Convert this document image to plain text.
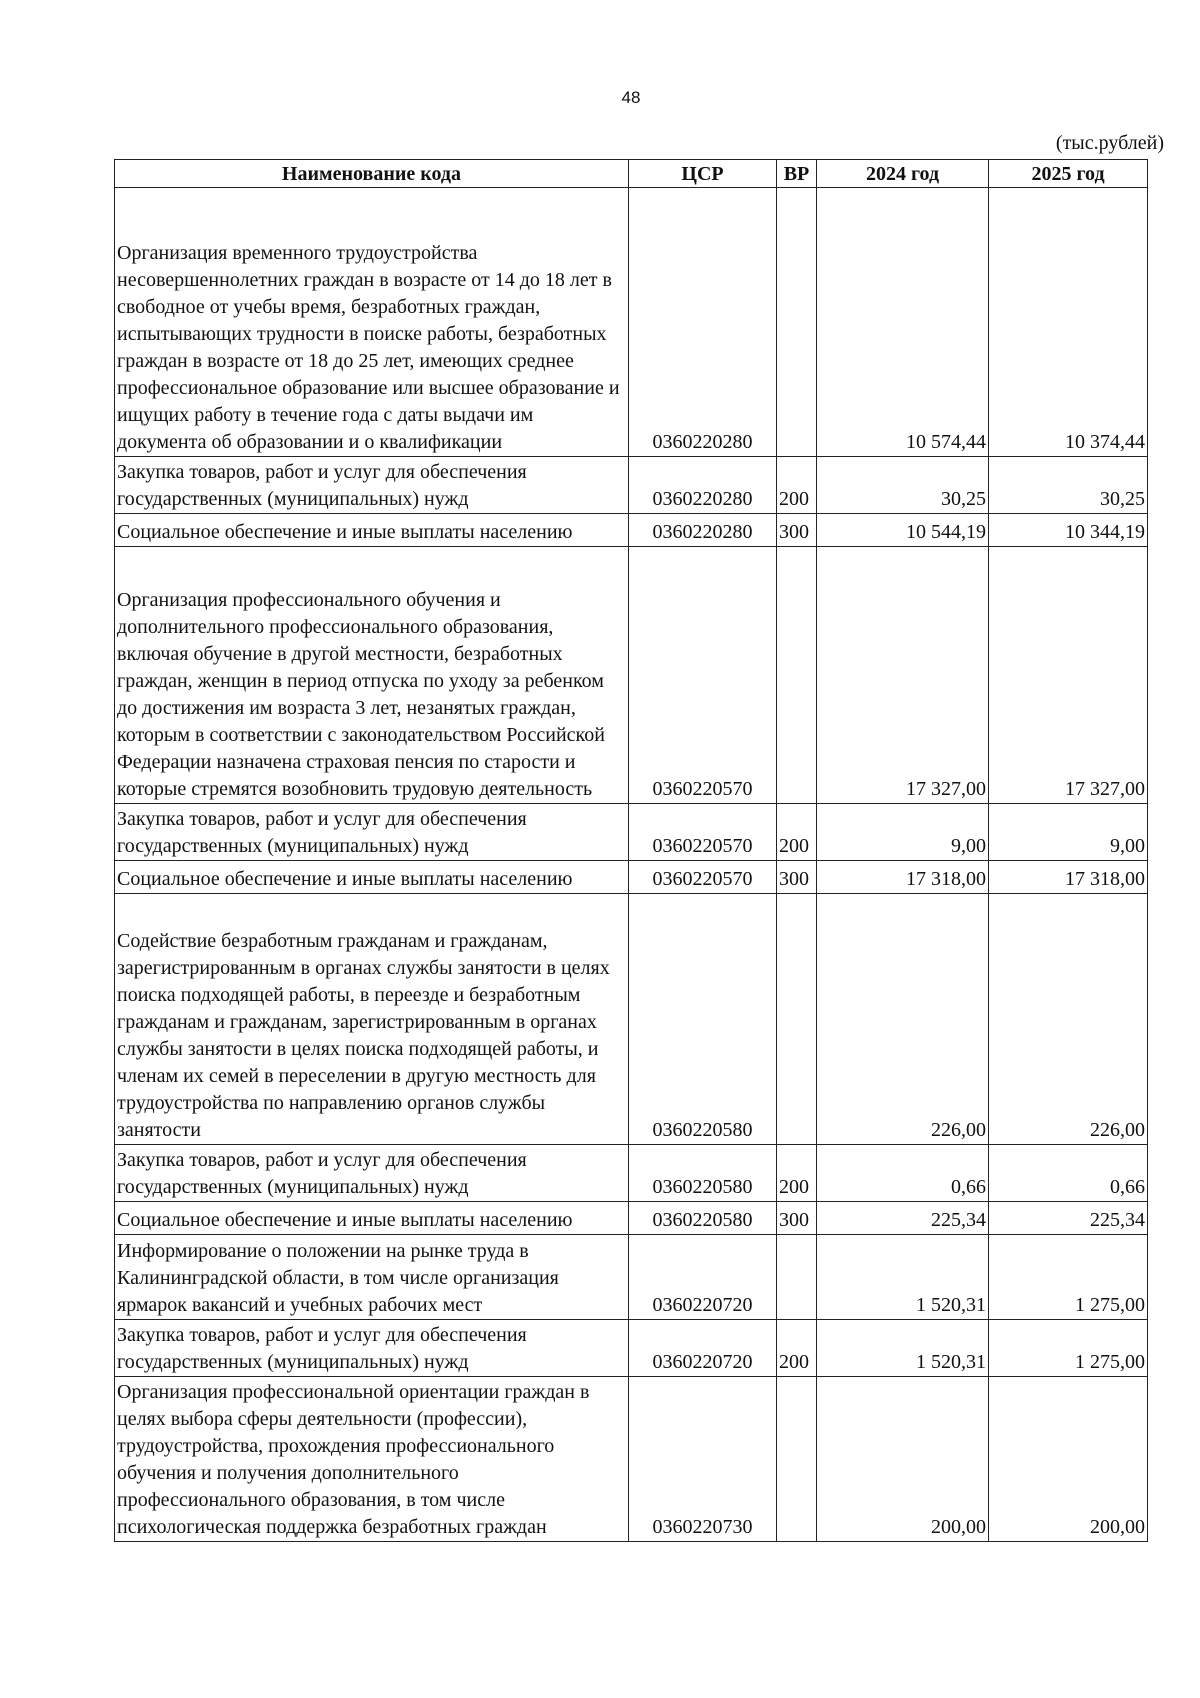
48
(тыс.рублей)
Наименование кода	ЦСР	ВР	2024 год	2025 год
Организация временного трудоустройства несовершеннолетних граждан в возрасте от 14 до 18 лет в свободное от учебы время, безработных граждан, испытывающих трудности в поиске работы, безработных граждан в возрасте от 18 до 25 лет, имеющих среднее профессиональное образование или высшее образование и ищущих работу в течение года с даты выдачи им документа об образовании и о квалификации	0360220280		10 574,44	10 374,44
Закупка товаров, работ и услуг для обеспечения государственных (муниципальных) нужд	0360220280	200	30,25	30,25
Социальное обеспечение и иные выплаты населению	0360220280	300	10 544,19	10 344,19
Организация профессионального обучения и дополнительного профессионального образования, включая обучение в другой местности, безработных граждан, женщин в период отпуска по уходу за ребенком до достижения им возраста 3 лет, незанятых граждан, которым в соответствии с законодательством Российской Федерации назначена страховая пенсия по старости и которые стремятся возобновить трудовую деятельность	0360220570		17 327,00	17 327,00
Закупка товаров, работ и услуг для обеспечения государственных (муниципальных) нужд	0360220570	200	9,00	9,00
Социальное обеспечение и иные выплаты населению	0360220570	300	17 318,00	17 318,00
Содействие безработным гражданам и гражданам, зарегистрированным в органах службы занятости в целях поиска подходящей работы, в переезде и безработным гражданам и гражданам, зарегистрированным в органах службы занятости в целях поиска подходящей работы, и членам их семей в переселении в другую местность для трудоустройства по направлению органов службы занятости	0360220580		226,00	226,00
Закупка товаров, работ и услуг для обеспечения государственных (муниципальных) нужд	0360220580	200	0,66	0,66
Социальное обеспечение и иные выплаты населению	0360220580	300	225,34	225,34
Информирование о положении на рынке труда в Калининградской области, в том числе организация ярмарок вакансий и учебных рабочих мест	0360220720		1 520,31	1 275,00
Закупка товаров, работ и услуг для обеспечения государственных (муниципальных) нужд	0360220720	200	1 520,31	1 275,00
Организация профессиональной ориентации граждан в целях выбора сферы деятельности (профессии), трудоустройства, прохождения профессионального обучения и получения дополнительного профессионального образования, в том числе психологическая поддержка безработных граждан	0360220730		200,00	200,00
